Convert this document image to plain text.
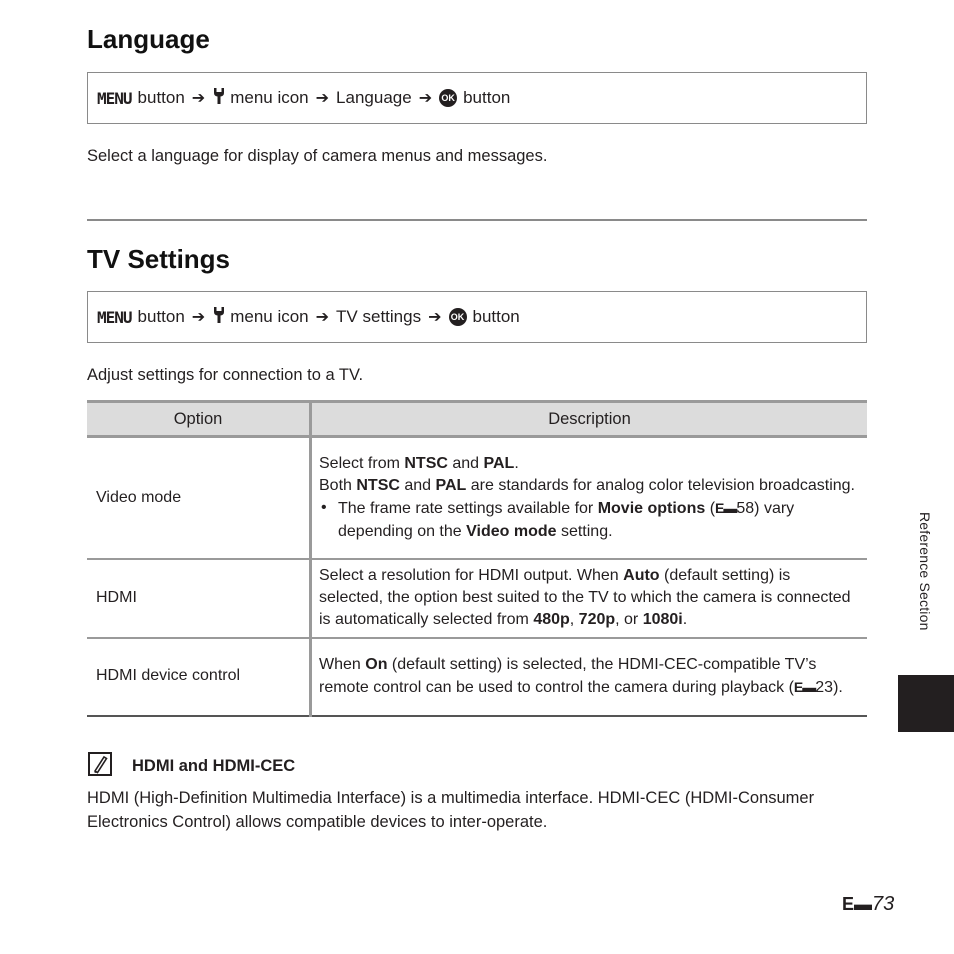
Language
MENU button ➔ menu icon ➔ Language ➔ OK button
Select a language for display of camera menus and messages.
TV Settings
MENU button ➔ menu icon ➔ TV settings ➔ OK button
Adjust settings for connection to a TV.
Option	Description
Video mode	Select from NTSC and PAL.
Both NTSC and PAL are standards for analog color television broadcasting.
• The frame rate settings available for Movie options (E▬58) vary depending on the Video mode setting.

HDMI	Select a resolution for HDMI output. When Auto (default setting) is selected, the option best suited to the TV to which the camera is connected is automatically selected from 480p, 720p, or 1080i.
HDMI device control	When On (default setting) is selected, the HDMI-CEC-compatible TV’s remote control can be used to control the camera during playback (E▬23).
HDMI and HDMI-CEC
HDMI (High-Definition Multimedia Interface) is a multimedia interface. HDMI-CEC (HDMI-Consumer Electronics Control) allows compatible devices to inter-operate.
Reference Section
E ▬ 73
